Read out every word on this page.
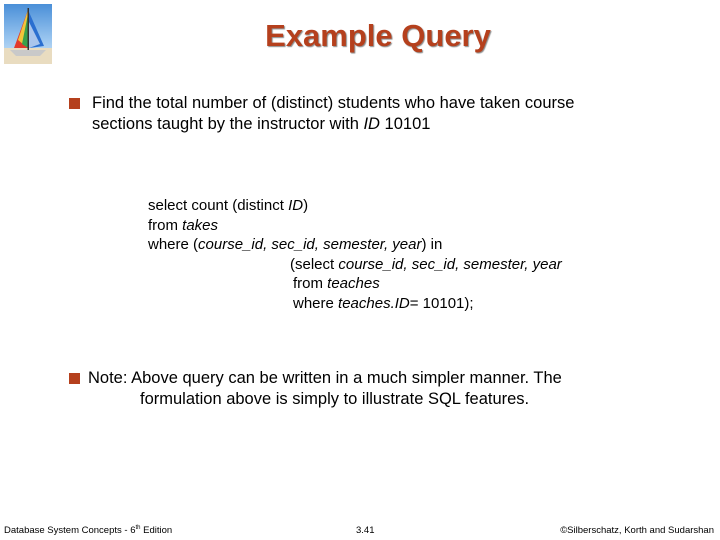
Example Query
Find the total number of (distinct) students who have taken course
sections taught by the instructor with ID 10101
select count (distinct ID)
from takes
where (course_id, sec_id, semester, year) in
(select course_id, sec_id, semester, year
from teaches
where teaches.ID= 10101);
Note: Above query can be written in a much simpler manner. The
formulation above is simply to illustrate SQL features.
Database System Concepts - 6th Edition	3.41	©Silberschatz, Korth and Sudarshan
